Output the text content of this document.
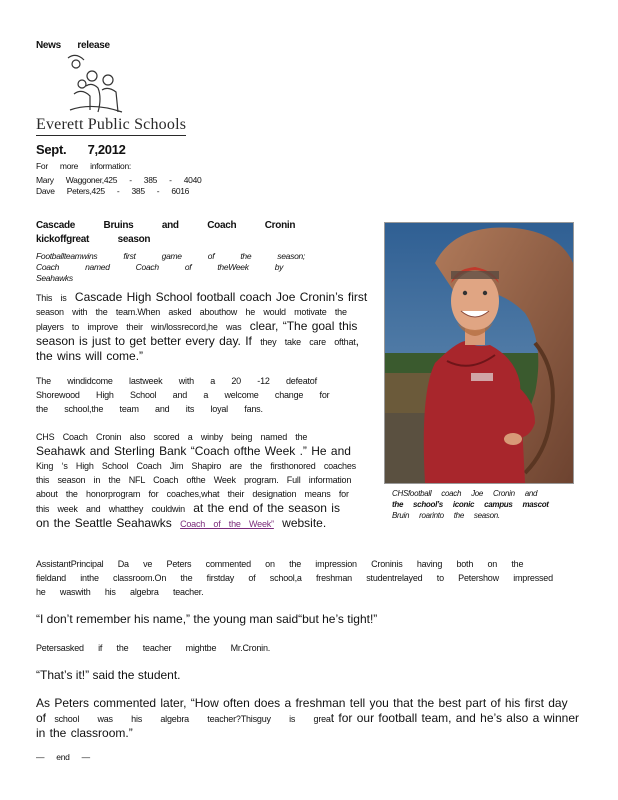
News release
Everett Public Schools
Sept. 7,2012
For more information:
Mary Waggoner,425 - 385 - 4040
Dave Peters,425 - 385 - 6016
Cascade Bruins and Coach Cronin kickoffgreat season
Footballteamwins first game of the season; Coach named Coach of theWeek by Seahawks

This is Cascade High School football coach Joe Cronin’s first season with the team.When asked abouthow he would motivate the players to improve their win/lossrecord,he was clear, “The goal this season is just to get better every day. If they take care ofthat, the wins will come.”

The windidcome lastweek with a 20 -12 defeatof Shorewood High School and a welcome change for the school,the team and its loyal fans.

CHS Coach Cronin also scored a winby being named the Seahawk and Sterling Bank “Coach ofthe Week .” He and King ‘s High School Coach Jim Shapiro are the firsthonored coaches this season in the NFL Coach ofthe Week program. Full information about the honorprogram for coaches,what their designation means for this week and whatthey couldwin at the end of the season is on the Seattle Seahawks Coach of the Week” website.

CHSfootball coach Joe Cronin and
the school’s iconic campus mascot
Bruin roarinto the season.

AssistantPrincipal Da ve Peters commented on the impression Croninis having both on the fieldand inthe classroom.On the firstday of school,a freshman studentrelayed to Petershow impressed he waswith his algebra teacher.

“I don’t remember his name,” the young man said“but he’s tight!”

Petersasked if the teacher mightbe Mr.Cronin.

“That’s it!” said the student.

As Peters commented later, “How often does a freshman tell you that the best part of his first day of school was his algebra teacher?Thisguy is great for our football team, and he’s also a winner in the classroom.”

— end —
